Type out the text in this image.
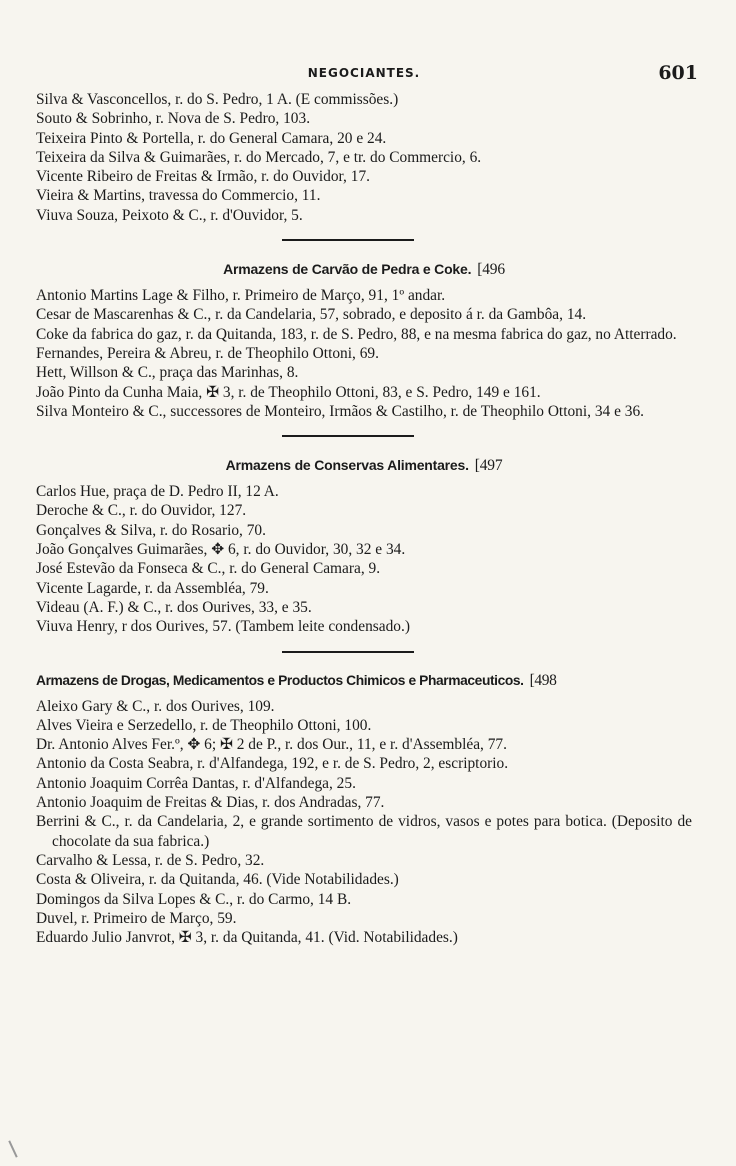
NEGOCIANTES.	601
Silva & Vasconcellos, r. do S. Pedro, 1 A. (E commissões.)
Souto & Sobrinho, r. Nova de S. Pedro, 103.
Teixeira Pinto & Portella, r. do General Camara, 20 e 24.
Teixeira da Silva & Guimarães, r. do Mercado, 7, e tr. do Commercio, 6.
Vicente Ribeiro de Freitas & Irmão, r. do Ouvidor, 17.
Vieira & Martins, travessa do Commercio, 11.
Viuva Souza, Peixoto & C., r. d'Ouvidor, 5.
Armazens de Carvão de Pedra e Coke. [496
Antonio Martins Lage & Filho, r. Primeiro de Março, 91, 1º andar.
Cesar de Mascarenhas & C., r. da Candelaria, 57, sobrado, e deposito á r. da Gambôa, 14.
Coke da fabrica do gaz, r. da Quitanda, 183, r. de S. Pedro, 88, e na mesma fabrica do gaz, no Atterrado.
Fernandes, Pereira & Abreu, r. de Theophilo Ottoni, 69.
Hett, Willson & C., praça das Marinhas, 8.
João Pinto da Cunha Maia, ✠ 3, r. de Theophilo Ottoni, 83, e S. Pedro, 149 e 161.
Silva Monteiro & C., successores de Monteiro, Irmãos & Castilho, r. de Theophilo Ottoni, 34 e 36.
Armazens de Conservas Alimentares. [497
Carlos Hue, praça de D. Pedro II, 12 A.
Deroche & C., r. do Ouvidor, 127.
Gonçalves & Silva, r. do Rosario, 70.
João Gonçalves Guimarães, ✥ 6, r. do Ouvidor, 30, 32 e 34.
José Estevão da Fonseca & C., r. do General Camara, 9.
Vicente Lagarde, r. da Assembléa, 79.
Videau (A. F.) & C., r. dos Ourives, 33, e 35.
Viuva Henry, r dos Ourives, 57. (Tambem leite condensado.)
Armazens de Drogas, Medicamentos e Productos Chimicos e Pharmaceuticos. [498
Aleixo Gary & C., r. dos Ourives, 109.
Alves Vieira e Serzedello, r. de Theophilo Ottoni, 100.
Dr. Antonio Alves Fer.º, ✥ 6; ✠ 2 de P., r. dos Our., 11, e r. d'Assembléa, 77.
Antonio da Costa Seabra, r. d'Alfandega, 192, e r. de S. Pedro, 2, escriptorio.
Antonio Joaquim Corrêa Dantas, r. d'Alfandega, 25.
Antonio Joaquim de Freitas & Dias, r. dos Andradas, 77.
Berrini & C., r. da Candelaria, 2, e grande sortimento de vidros, vasos e potes para botica. (Deposito de chocolate da sua fabrica.)
Carvalho & Lessa, r. de S. Pedro, 32.
Costa & Oliveira, r. da Quitanda, 46. (Vide Notabilidades.)
Domingos da Silva Lopes & C., r. do Carmo, 14 B.
Duvel, r. Primeiro de Março, 59.
Eduardo Julio Janvrot, ✠ 3, r. da Quitanda, 41. (Vid. Notabilidades.)
